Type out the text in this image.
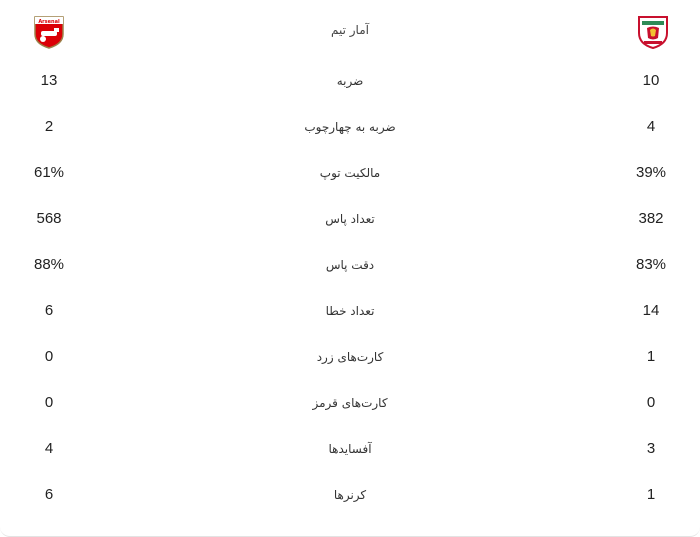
آمار تیم
Arsenal
13	ضربه	10
2	ضربه به چهارچوب	4
61%	مالکیت توپ	39%
568	تعداد پاس	382
88%	دقت پاس	83%
6	تعداد خطا	14
0	کارت‌های زرد	1
0	کارت‌های قرمز	0
4	آفسایدها	3
6	کرنرها	1
